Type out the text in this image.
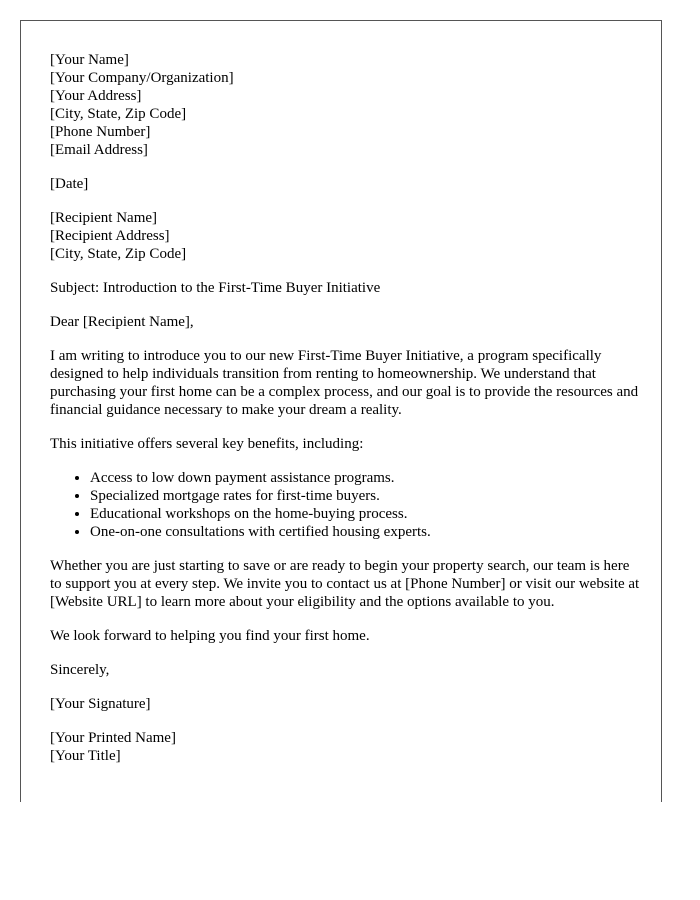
[Your Name]
[Your Company/Organization]
[Your Address]
[City, State, Zip Code]
[Phone Number]
[Email Address]
[Date]
[Recipient Name]
[Recipient Address]
[City, State, Zip Code]

Subject: Introduction to the First-Time Buyer Initiative

Dear [Recipient Name],

I am writing to introduce you to our new First-Time Buyer Initiative, a program specifically designed to help individuals transition from renting to homeownership. We understand that purchasing your first home can be a complex process, and our goal is to provide the resources and financial guidance necessary to make your dream a reality.

This initiative offers several key benefits, including:

• Access to low down payment assistance programs.
• Specialized mortgage rates for first-time buyers.
• Educational workshops on the home-buying process.
• One-on-one consultations with certified housing experts.

Whether you are just starting to save or are ready to begin your property search, our team is here to support you at every step. We invite you to contact us at [Phone Number] or visit our website at [Website URL] to learn more about your eligibility and the options available to you.

We look forward to helping you find your first home.

Sincerely,

[Your Signature]

[Your Printed Name]
[Your Title]
